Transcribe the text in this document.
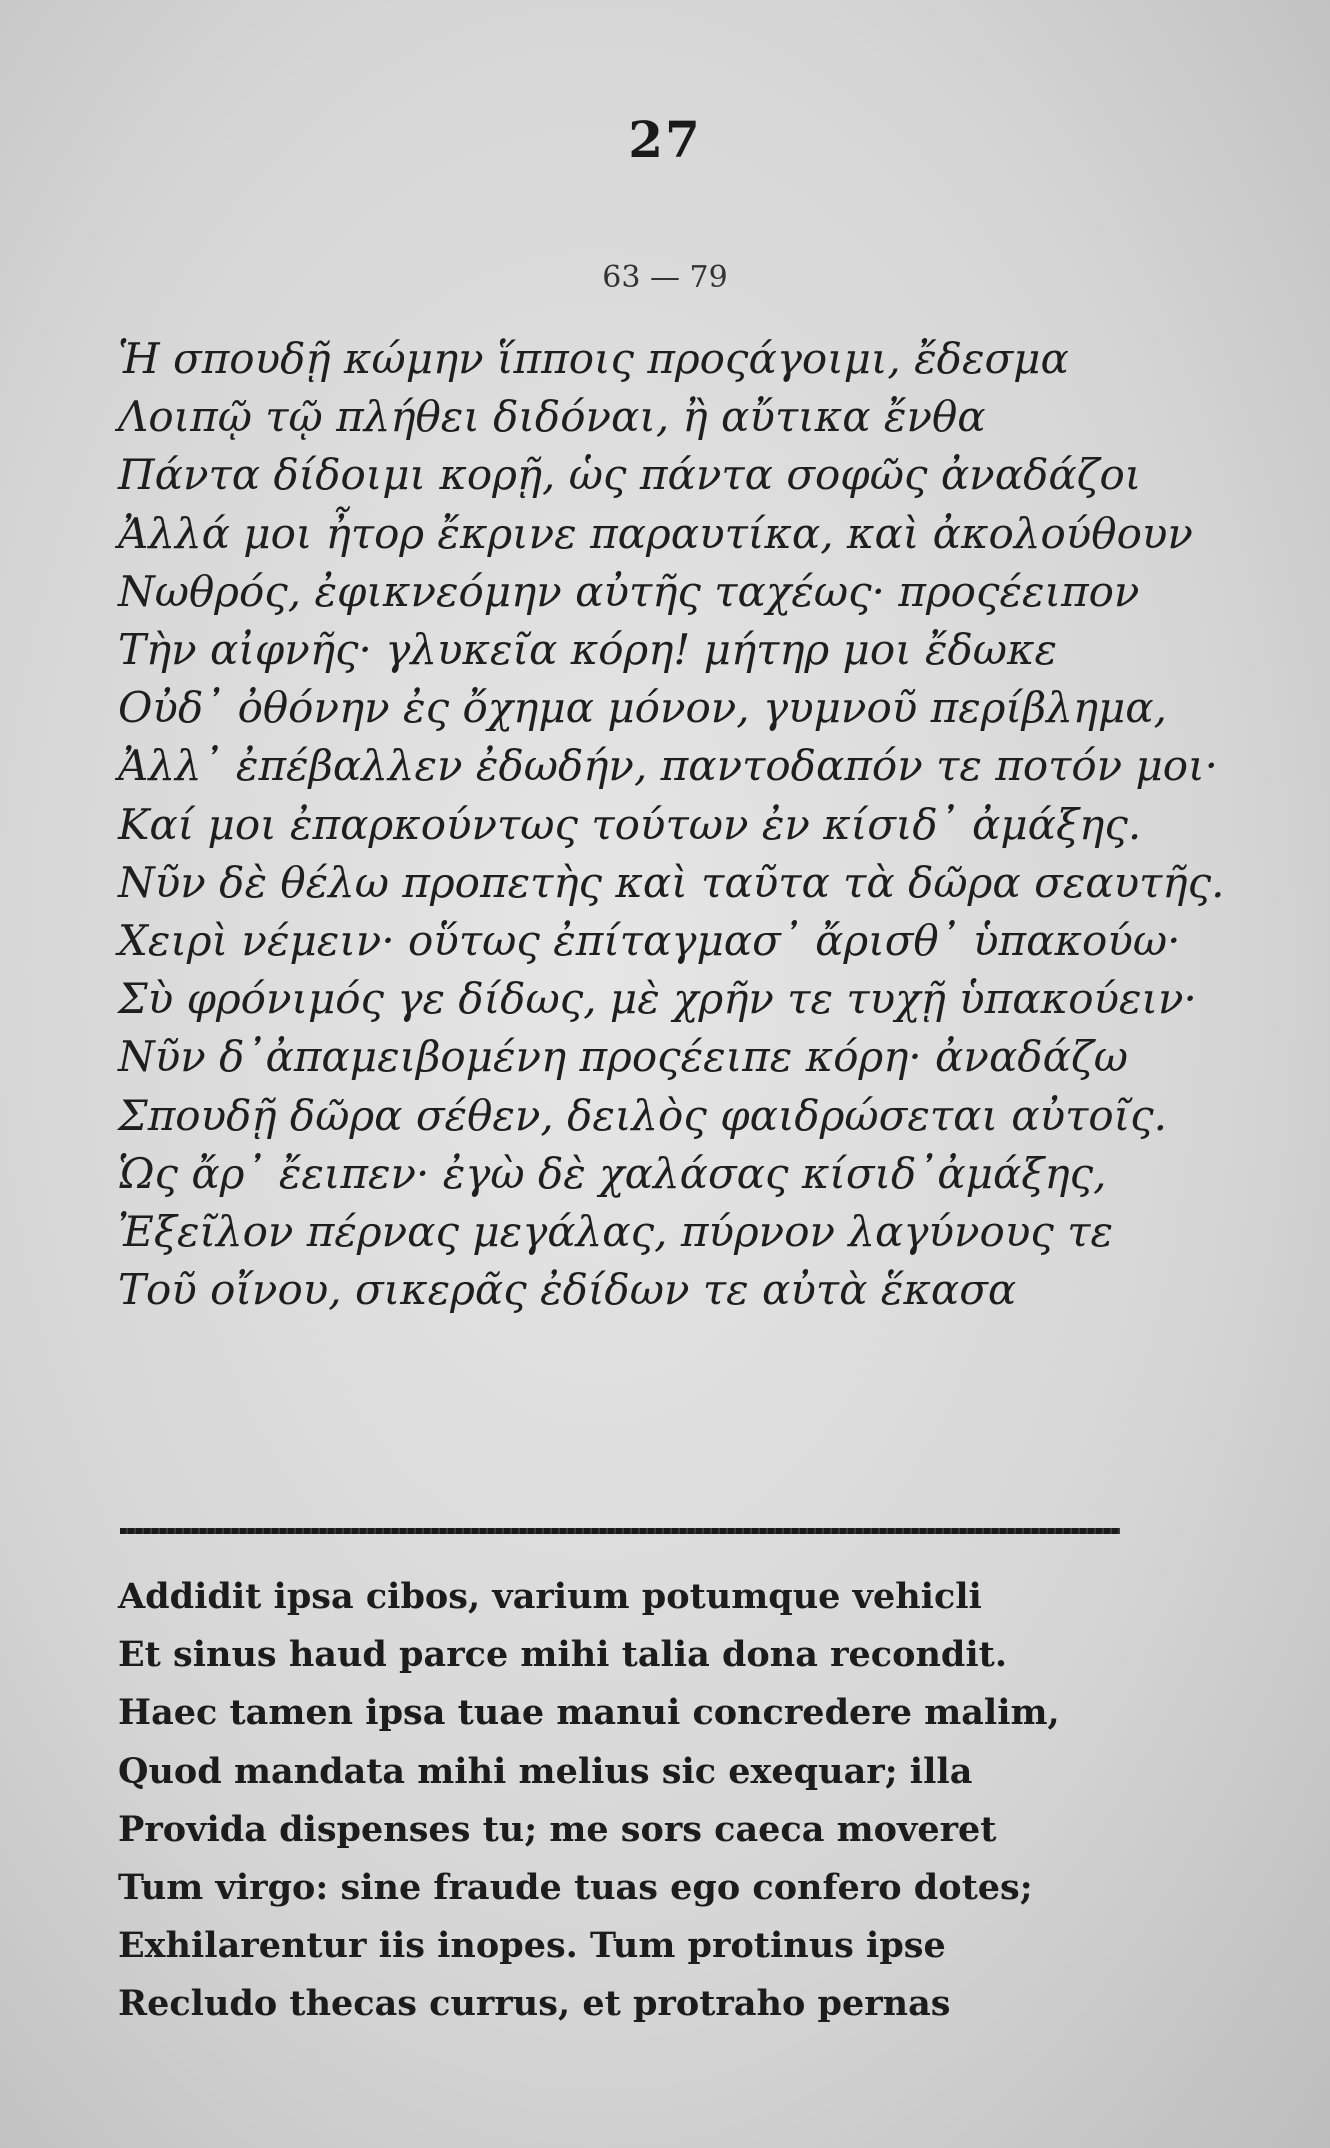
27
63 — 79
Ἡ σπουδῇ κώμην ἵπποις προςάγοιμι, ἔδεσμα
Λοιπῷ τῷ πλήθει διδόναι, ἢ αὔτικα ἔνθα
Πάντα δίδοιμι κορῇ, ὡς πάντα σοφῶς ἀναδάζοι
Ἀλλά μοι ἦτορ ἔκρινε παραυτίκα, καὶ ἀκολούθουν
Νωθρός, ἐφικνεόμην αὐτῆς ταχέως· προςέειπον
Τὴν αἰφνῆς· γλυκεῖα κόρη! μήτηρ μοι ἔδωκε
Οὐδ᾽ ὀθόνην ἐς ὄχημα μόνον, γυμνοῦ περίβλημα,
Ἀλλ᾽ ἐπέβαλλεν ἐδωδήν, παντοδαπόν τε ποτόν μοι·
Καί μοι ἐπαρκούντως τούτων ἐν κίσιδ᾽ ἀμάξης.
Νῦν δὲ θέλω προπετὴς καὶ ταῦτα τὰ δῶρα σεαυτῆς.
Χειρὶ νέμειν· οὕτως ἐπίταγμασ᾽ ἄρισθ᾽ ὑπακούω·
Σὺ φρόνιμός γε δίδως, μὲ χρῆν τε τυχῇ ὑπακούειν·
Νῦν δ᾽ἀπαμειβομένη προςέειπε κόρη· ἀναδάζω
Σπουδῇ δῶρα σέθεν, δειλὸς φαιδρώσεται αὐτοῖς.
Ὡς ἄρ᾽ ἔειπεν· ἐγὼ δὲ χαλάσας κίσιδ᾽ἀμάξης,
Ἐξεῖλον πέρνας μεγάλας, πύρνον λαγύνους τε
Τοῦ οἴνου, σικερᾶς ἐδίδων τε αὐτὰ ἕκασα
Addidit ipsa cibos, varium potumque vehicli
Et sinus haud parce mihi talia dona recondit.
Haec tamen ipsa tuae manui concredere malim,
Quod mandata mihi melius sic exequar; illa
Provida dispenses tu; me sors caeca moveret
Tum virgo: sine fraude tuas ego confero dotes;
Exhilarentur iis inopes. Tum protinus ipse
Recludo thecas currus, et protraho pernas
